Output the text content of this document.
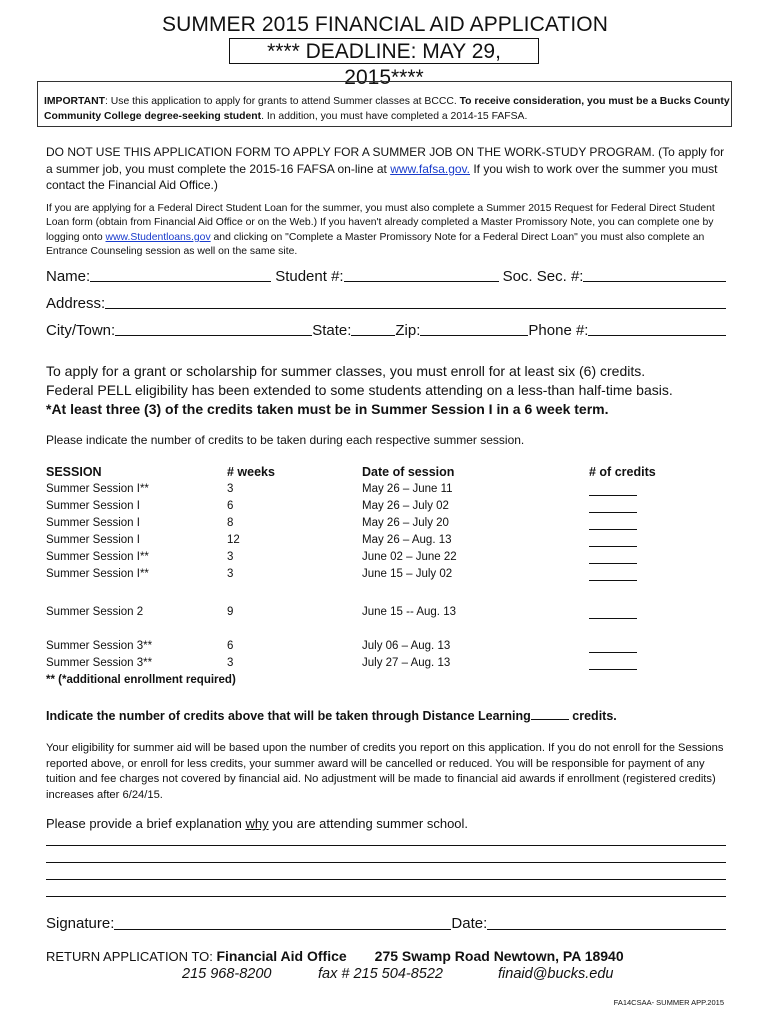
SUMMER 2015 FINANCIAL AID APPLICATION
**** DEADLINE: MAY 29, 2015****
IMPORTANT: Use this application to apply for grants to attend Summer classes at BCCC. To receive consideration, you must be a Bucks County Community College degree-seeking student. In addition, you must have completed a 2014-15 FAFSA.
DO NOT USE THIS APPLICATION FORM TO APPLY FOR A SUMMER JOB ON THE WORK-STUDY PROGRAM. (To apply for a summer job, you must complete the 2015-16 FAFSA on-line at www.fafsa.gov. If you wish to work over the summer you must contact the Financial Aid Office.)
If you are applying for a Federal Direct Student Loan for the summer, you must also complete a Summer 2015 Request for Federal Direct Student Loan form (obtain from Financial Aid Office or on the Web.) If you haven't already completed a Master Promissory Note, you can complete one by logging onto www.Studentloans.gov and clicking on "Complete a Master Promissory Note for a Federal Direct Loan" you must also complete an Entrance Counseling session as well on the same site.
Name:	Student #:	Soc. Sec. #:
Address:
City/Town:	State:	Zip:	Phone #:
To apply for a grant or scholarship for summer classes, you must enroll for at least six (6) credits.
Federal PELL eligibility has been extended to some students attending on a less-than half-time basis.
*At least three (3) of the credits taken must be in Summer Session I in a 6 week term.
Please indicate the number of credits to be taken during each respective summer session.
SESSION	# weeks	Date of session	# of credits
Summer Session I**	3	May 26 – June 11
Summer Session I	6	May 26 – July 02
Summer Session I	8	May 26 – July 20
Summer Session I	12	May 26 – Aug. 13
Summer Session I**	3	June 02 – June 22
Summer Session I**	3	June 15 – July 02
Summer Session 2	9	June 15 -- Aug. 13
Summer Session 3**	6	July 06 – Aug. 13
Summer Session 3**	3	July 27 – Aug. 13
** (*additional enrollment required)
Indicate the number of credits above that will be taken through Distance Learning	credits.
Your eligibility for summer aid will be based upon the number of credits you report on this application. If you do not enroll for the Sessions reported above, or enroll for less credits, your summer award will be cancelled or reduced. You will be responsible for payment of any tuition and fee charges not covered by financial aid. No adjustment will be made to financial aid awards if enrollment (registered credits) increases after 6/24/15.
Please provide a brief explanation why you are attending summer school.
Signature:	Date:
RETURN APPLICATION TO: Financial Aid Office 275 Swamp Road Newtown, PA 18940
215 968-8200	fax # 215 504-8522	finaid@bucks.edu
FA14CSAA- SUMMER APP.2015
